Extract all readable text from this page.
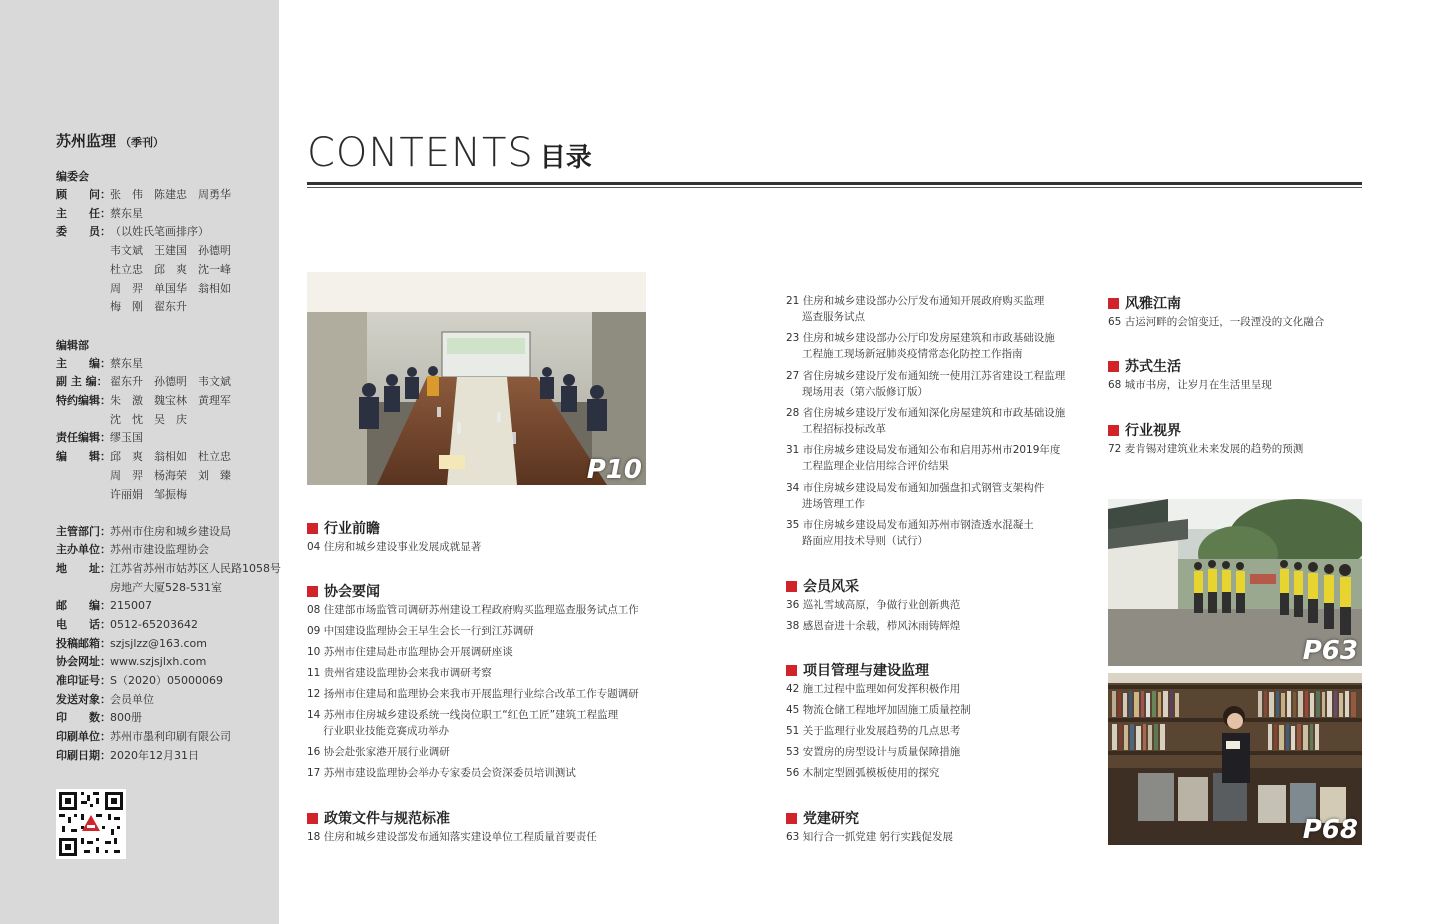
苏州监理 （季刊）
编委会
顾　　问：张　伟　陈建忠　周勇华
主　　任：蔡东星
委　　员：（以姓氏笔画排序）
韦文斌　王建国　孙德明
杜立忠　邱　爽　沈一峰
周　羿　单国华　翁相如
梅　刚　翟东升
编辑部
主　　编：蔡东星
副 主 编： 翟东升　孙德明　韦文斌
特约编辑：朱　激　魏宝林　黄理军
沈　忱　吴　庆
责任编辑：缪玉国
编　　辑：邱　爽　翁相如　杜立忠
周　羿　杨海荣　刘　臻
许丽娟　邹振梅
主管部门：苏州市住房和城乡建设局
主办单位：苏州市建设监理协会
地　　址：江苏省苏州市姑苏区人民路1058号
房地产大厦528-531室
邮　　编：215007
电　　话：0512-65203642
投稿邮箱：szjsjlzz@163.com
协会网址：www.szjsjlxh.com
准印证号：S（2020）05000069
发送对象：会员单位
印　　数：800册
印刷单位：苏州市墨利印刷有限公司
印刷日期：2020年12月31日
CONTENTS 目录
P10
行业前瞻
04 住房和城乡建设事业发展成就显著
协会要闻
08 住建部市场监管司调研苏州建设工程政府购买监理巡查服务试点工作
09 中国建设监理协会王早生会长一行到江苏调研
10 苏州市住建局赴市监理协会开展调研座谈
11 贵州省建设监理协会来我市调研考察
12 扬州市住建局和监理协会来我市开展监理行业综合改革工作专题调研
14 苏州市住房城乡建设系统一线岗位职工“红色工匠”建筑工程监理
行业职业技能竞赛成功举办
16 协会赴张家港开展行业调研
17 苏州市建设监理协会举办专家委员会资深委员培训测试
政策文件与规范标准
18 住房和城乡建设部发布通知落实建设单位工程质量首要责任
21 住房和城乡建设部办公厅发布通知开展政府购买监理
巡查服务试点
23 住房和城乡建设部办公厅印发房屋建筑和市政基础设施
工程施工现场新冠肺炎疫情常态化防控工作指南
27 省住房城乡建设厅发布通知统一使用江苏省建设工程监理
现场用表（第六版修订版）
28 省住房城乡建设厅发布通知深化房屋建筑和市政基础设施
工程招标投标改革
31 市住房城乡建设局发布通知公布和启用苏州市2019年度
工程监理企业信用综合评价结果
34 市住房城乡建设局发布通知加强盘扣式钢管支架构件
进场管理工作
35 市住房城乡建设局发布通知苏州市钢渣透水混凝土
路面应用技术导则（试行）
会员风采
36 巡礼雪域高原，争做行业创新典范
38 感恩奋进十余载，栉风沐雨铸辉煌
项目管理与建设监理
42 施工过程中监理如何发挥积极作用
45 物流仓储工程地坪加固施工质量控制
51 关于监理行业发展趋势的几点思考
53 安置房的房型设计与质量保障措施
56 木制定型圆弧模板使用的探究
党建研究
63 知行合一抓党建 躬行实践促发展
风雅江南
65 古运河畔的会馆变迁，一段湮没的文化融合
苏式生活
68 城市书房，让岁月在生活里呈现
行业视界
72 麦肯锡对建筑业未来发展的趋势的预测
P63
P68
